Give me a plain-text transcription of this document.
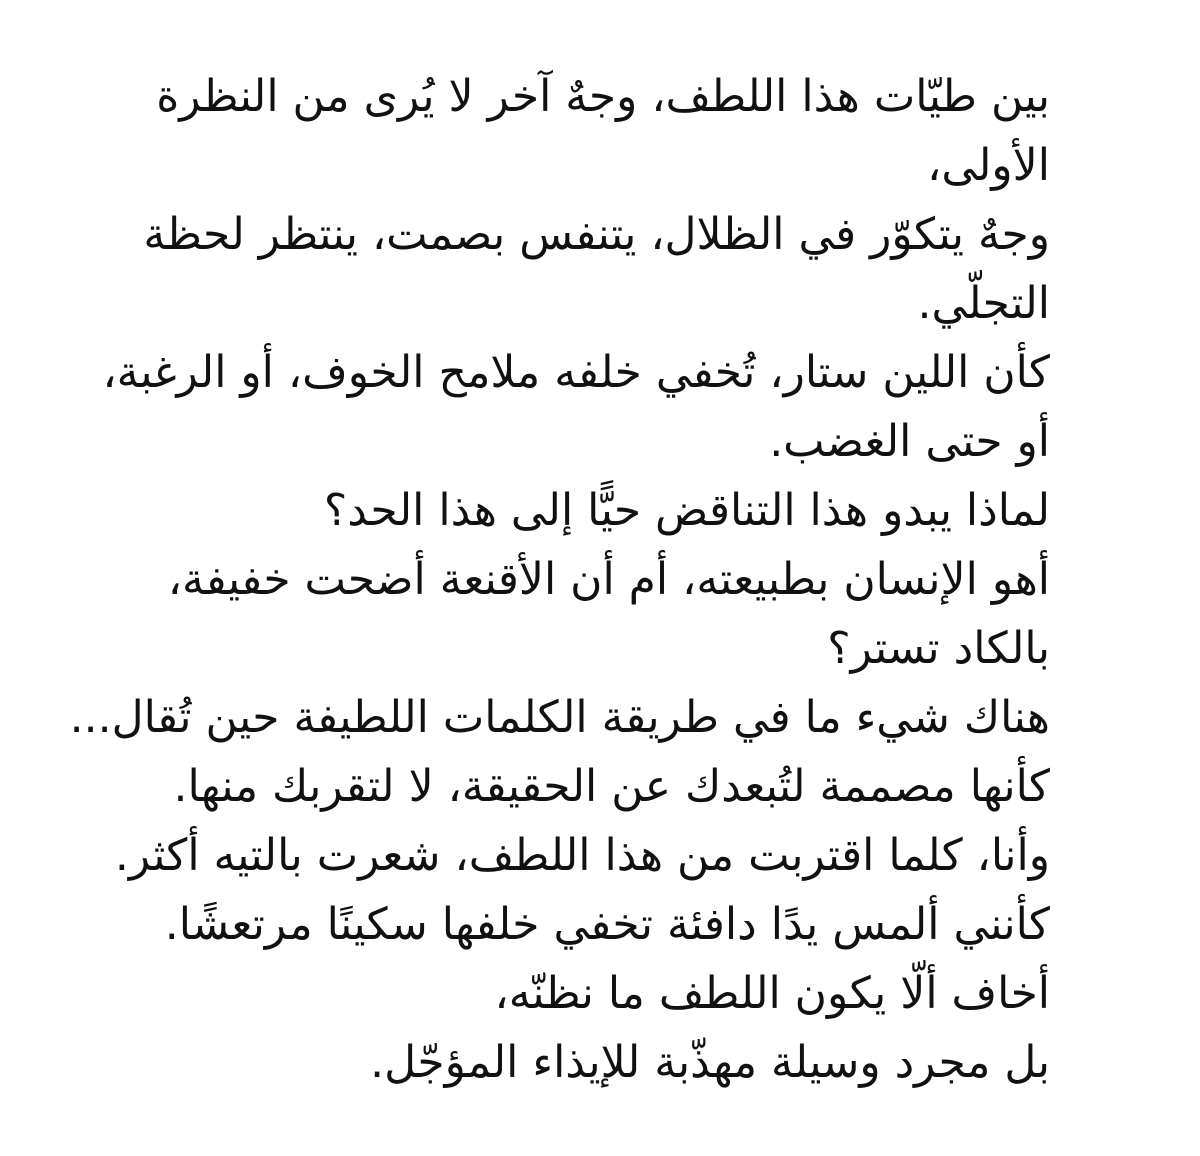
بين طيّات هذا اللطف، وجهٌ آخر لا يُرى من النظرة
الأولى،
وجهٌ يتكوّر في الظلال، يتنفس بصمت، ينتظر لحظة
التجلّي.
كأن اللين ستار، تُخفي خلفه ملامح الخوف، أو الرغبة،
أو حتى الغضب.
لماذا يبدو هذا التناقض حيًّا إلى هذا الحد؟
أهو الإنسان بطبيعته، أم أن الأقنعة أضحت خفيفة،
بالكاد تستر؟
هناك شيء ما في طريقة الكلمات اللطيفة حين تُقال...
كأنها مصممة لتُبعدك عن الحقيقة، لا لتقربك منها.
وأنا، كلما اقتربت من هذا اللطف، شعرت بالتيه أكثر.
كأنني ألمس يدًا دافئة تخفي خلفها سكينًا مرتعشًا.
أخاف ألّا يكون اللطف ما نظنّه،
بل مجرد وسيلة مهذّبة للإيذاء المؤجّل.
